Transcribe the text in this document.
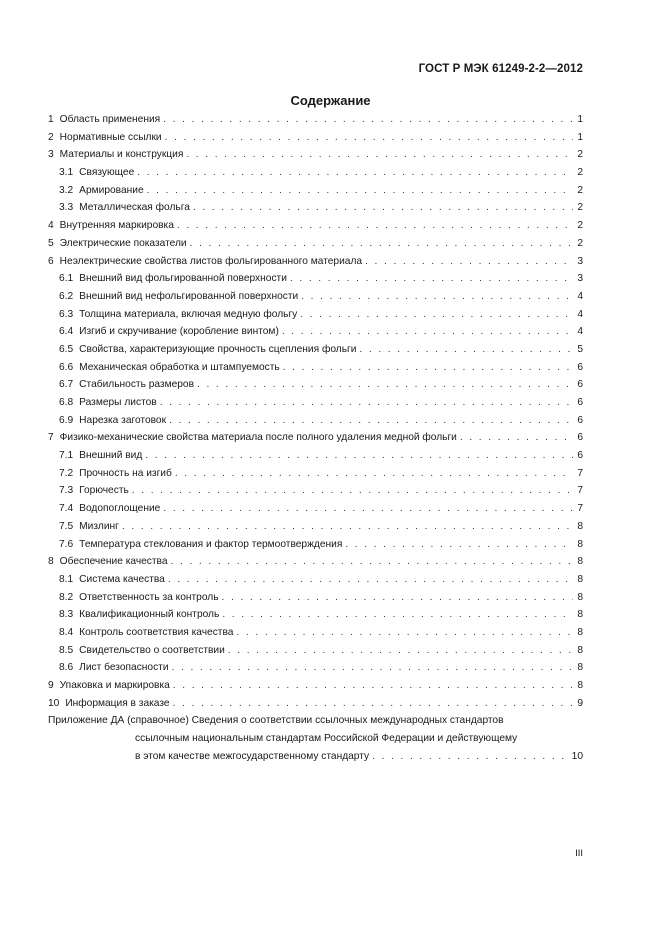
ГОСТ Р МЭК 61249-2-2—2012
Содержание
1 Область применения . . .	1
2 Нормативные ссылки . . .	1
3 Материалы и конструкция . . .	2
3.1 Связующее . . .	2
3.2 Армирование . . .	2
3.3 Металлическая фольга . . .	2
4 Внутренняя маркировка . . .	2
5 Электрические показатели . . .	2
6 Неэлектрические свойства листов фольгированного материала . . .	3
6.1 Внешний вид фольгированной поверхности . . .	3
6.2 Внешний вид нефольгированной поверхности . . .	4
6.3 Толщина материала, включая медную фольгу . . .	4
6.4 Изгиб и скручивание (коробление винтом) . . .	4
6.5 Свойства, характеризующие прочность сцепления фольги . . .	5
6.6 Механическая обработка и штампуемость . . .	6
6.7 Стабильность размеров . . .	6
6.8 Размеры листов . . .	6
6.9 Нарезка заготовок . . .	6
7 Физико-механические свойства материала после полного удаления медной фольги . . .	6
7.1 Внешний вид . . .	6
7.2 Прочность на изгиб . . .	7
7.3 Горючесть . . .	7
7.4 Водопоглощение . . .	7
7.5 Мизлинг . . .	8
7.6 Температура стеклования и фактор термоотверждения . . .	8
8 Обеспечение качества . . .	8
8.1 Система качества . . .	8
8.2 Ответственность за контроль . . .	8
8.3 Квалификационный контроль . . .	8
8.4 Контроль соответствия качества . . .	8
8.5 Свидетельство о соответствии . . .	8
8.6 Лист безопасности . . .	8
9 Упаковка и маркировка . . .	8
10 Информация в заказе . . .	9
Приложение ДА (справочное) Сведения о соответствии ссылочных международных стандартов
ссылочным национальным стандартам Российской Федерации и действующему
в этом качестве межгосударственному стандарту . . .	10
III
